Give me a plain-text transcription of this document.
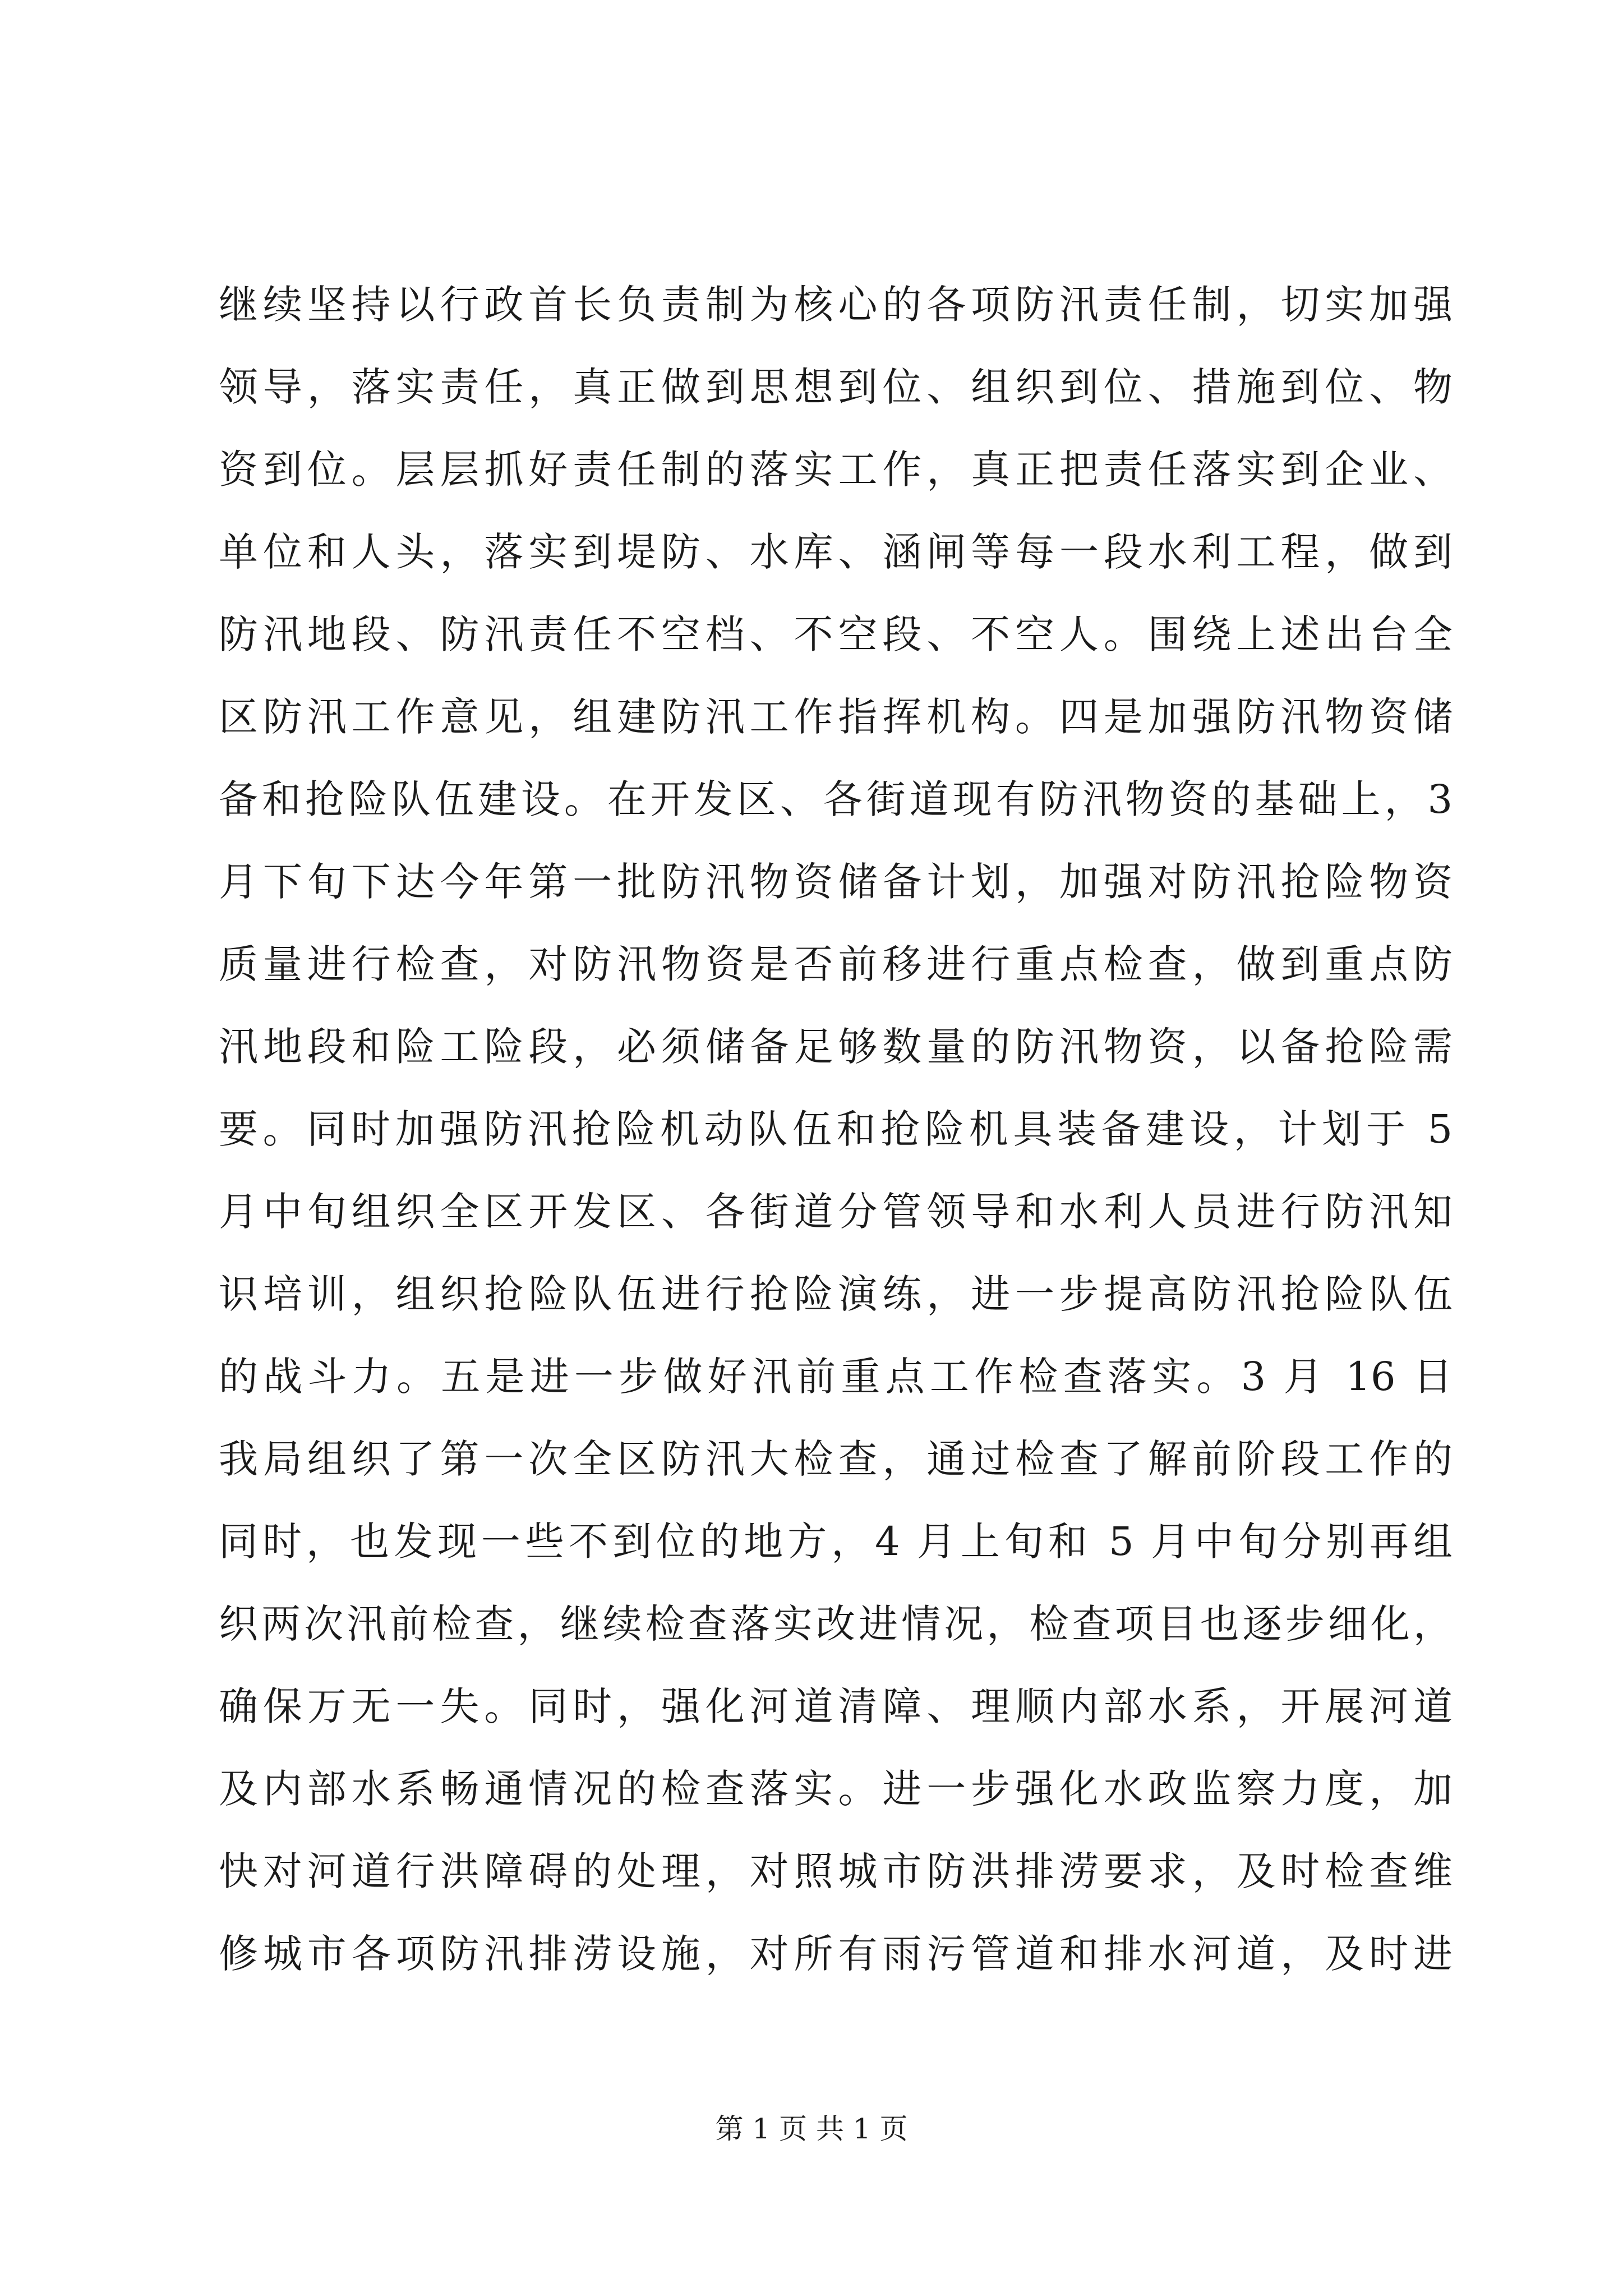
继续坚持以行政首长负责制为核心的各项防汛责任制，切实加强
领导，落实责任，真正做到思想到位、组织到位、措施到位、物
资到位。层层抓好责任制的落实工作，真正把责任落实到企业、
单位和人头，落实到堤防、水库、涵闸等每一段水利工程，做到
防汛地段、防汛责任不空档、不空段、不空人。围绕上述出台全
区防汛工作意见，组建防汛工作指挥机构。四是加强防汛物资储
备和抢险队伍建设。在开发区、各街道现有防汛物资的基础上，3
月下旬下达今年第一批防汛物资储备计划，加强对防汛抢险物资
质量进行检查，对防汛物资是否前移进行重点检查，做到重点防
汛地段和险工险段，必须储备足够数量的防汛物资，以备抢险需
要。同时加强防汛抢险机动队伍和抢险机具装备建设，计划于 5
月中旬组织全区开发区、各街道分管领导和水利人员进行防汛知
识培训，组织抢险队伍进行抢险演练，进一步提高防汛抢险队伍
的战斗力。五是进一步做好汛前重点工作检查落实。3 月 16 日
我局组织了第一次全区防汛大检查，通过检查了解前阶段工作的
同时，也发现一些不到位的地方，4 月上旬和 5 月中旬分别再组
织两次汛前检查，继续检查落实改进情况，检查项目也逐步细化，
确保万无一失。同时，强化河道清障、理顺内部水系，开展河道
及内部水系畅通情况的检查落实。进一步强化水政监察力度，加
快对河道行洪障碍的处理，对照城市防洪排涝要求，及时检查维
修城市各项防汛排涝设施，对所有雨污管道和排水河道，及时进
第 1 页 共 1 页
